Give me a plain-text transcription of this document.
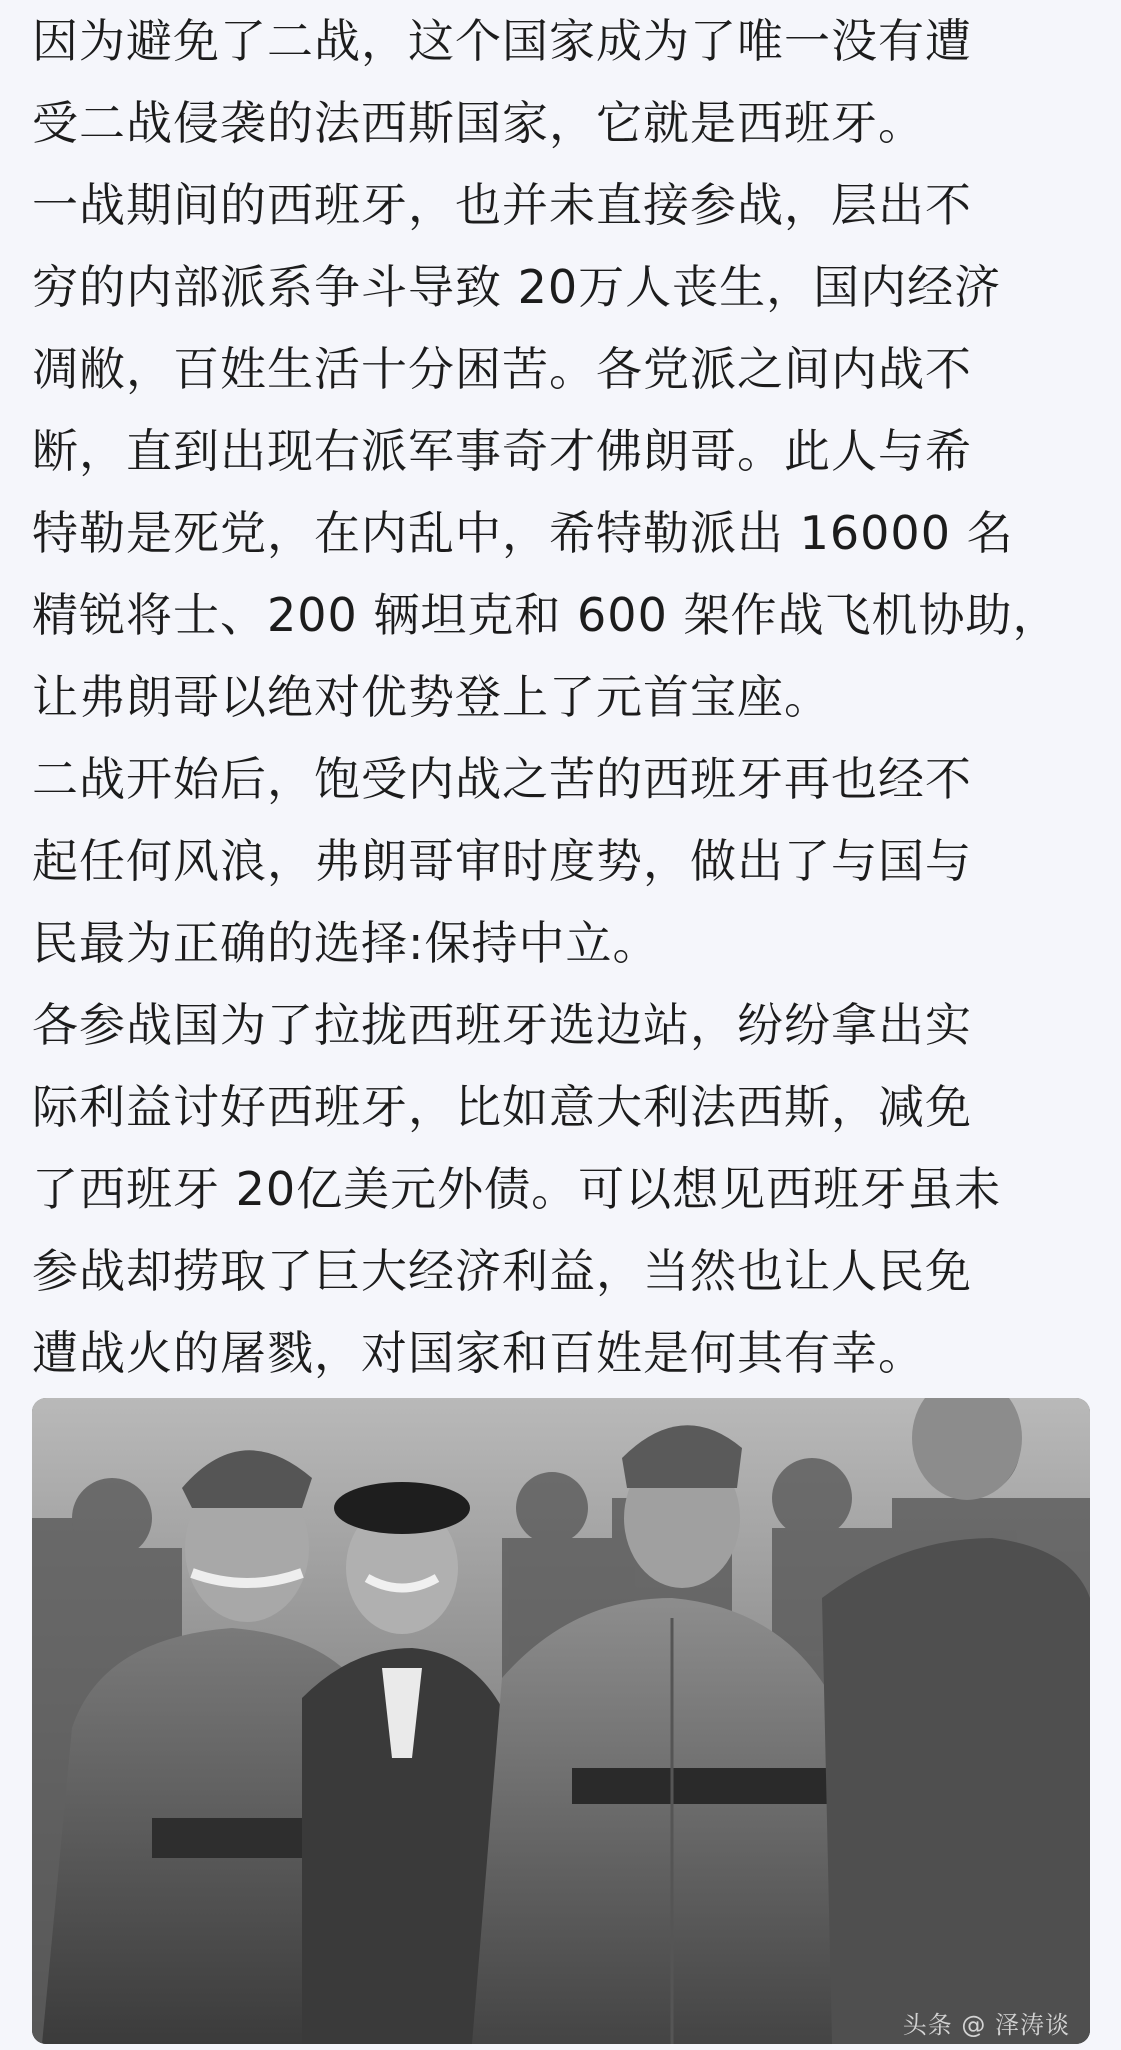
因为避免了二战，这个国家成为了唯一没有遭
受二战侵袭的法西斯国家，它就是西班牙。

一战期间的西班牙，也并未直接参战，层出不
穷的内部派系争斗导致 20万人丧生，国内经济
凋敝，百姓生活十分困苦。各党派之间内战不
断，直到出现右派军事奇才佛朗哥。此人与希
特勒是死党，在内乱中，希特勒派出 16000 名
精锐将士、200 辆坦克和 600 架作战飞机协助，
让弗朗哥以绝对优势登上了元首宝座。

二战开始后，饱受内战之苦的西班牙再也经不
起任何风浪，弗朗哥审时度势，做出了与国与
民最为正确的选择:保持中立。

各参战国为了拉拢西班牙选边站，纷纷拿出实
际利益讨好西班牙，比如意大利法西斯，减免
了西班牙 20亿美元外债。可以想见西班牙虽未
参战却捞取了巨大经济利益，当然也让人民免
遭战火的屠戮，对国家和百姓是何其有幸。

头条 @ 泽涛谈
